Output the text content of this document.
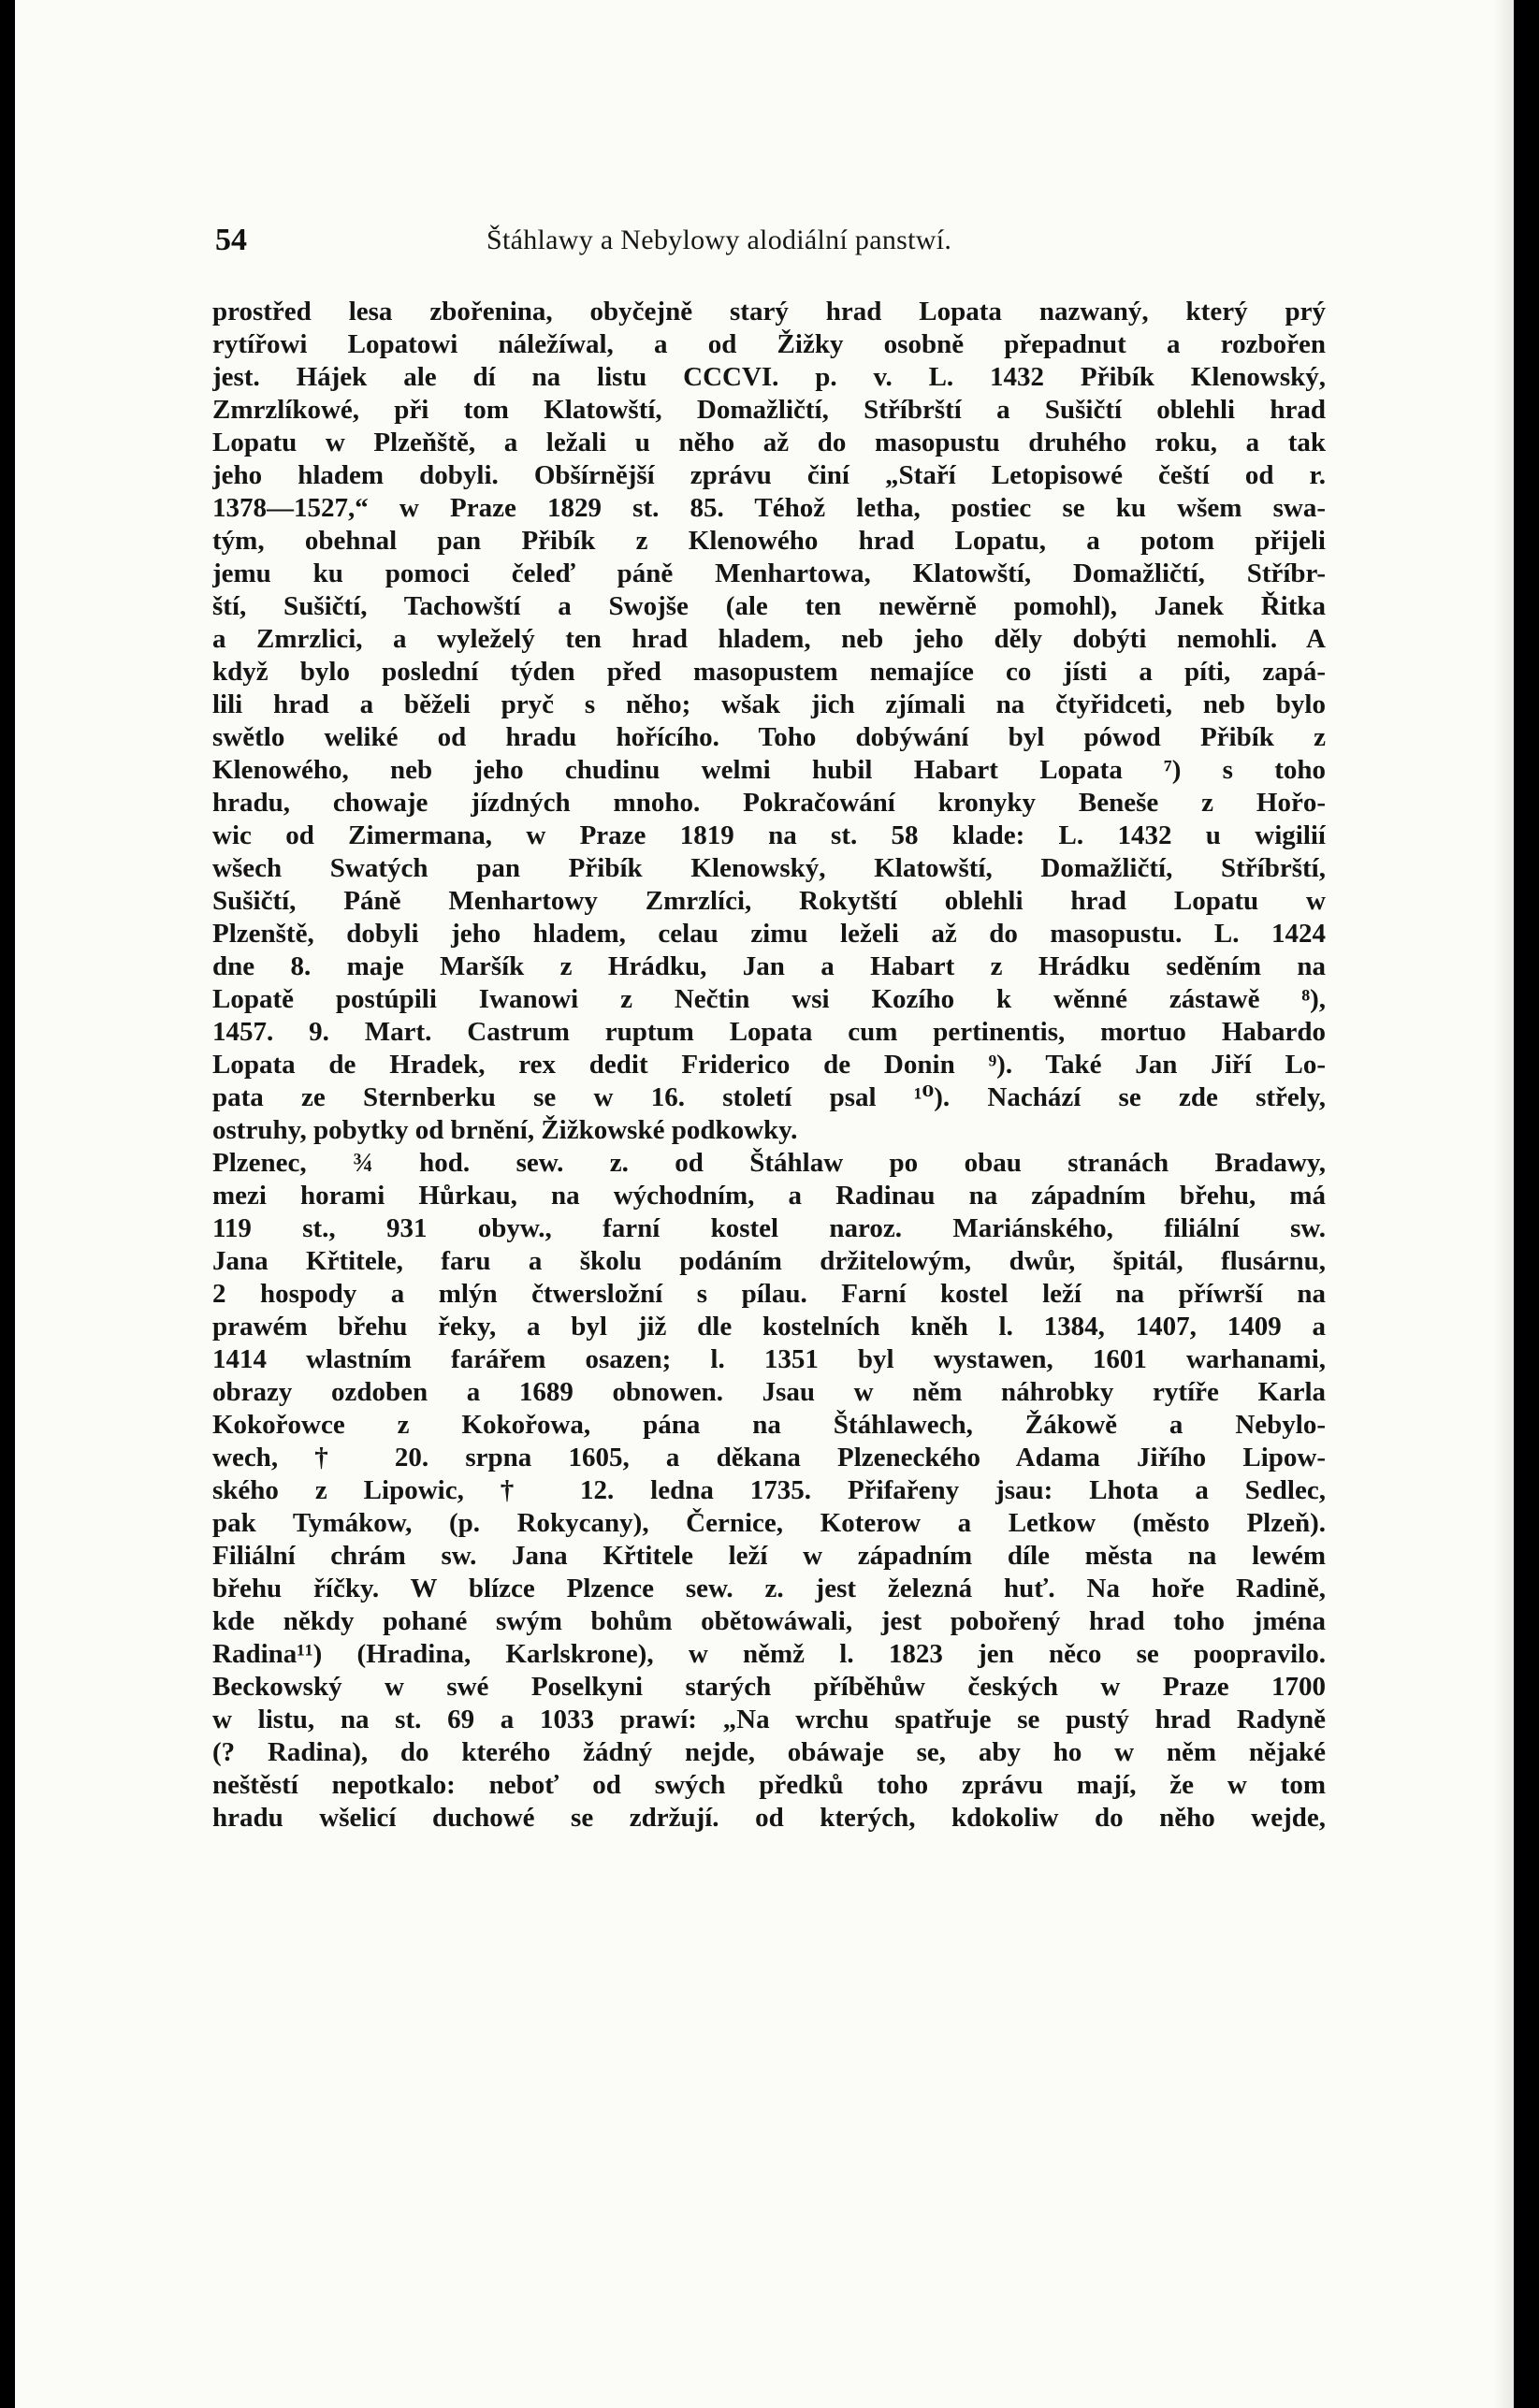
54	Štáhlawy a Nebylowy alodiální panstwí.
prostřed lesa zbořenina, obyčejně starý hrad Lopata nazwaný, který prý
rytířowi Lopatowi náležíwal, a od Žižky osobně přepadnut a rozbořen
jest. Hájek ale dí na listu CCCVI. p. v. L. 1432 Přibík Klenowský,
Zmrzlíkowé, při tom Klatowští, Domažličtí, Stříbrští a Sušičtí oblehli hrad
Lopatu w Plzeňště, a ležali u něho až do masopustu druhého roku, a tak
jeho hladem dobyli. Obšírnější zprávu činí „Staří Letopisowé čeští od r.
1378—1527,“ w Praze 1829 st. 85. Téhož letha, postiec se ku wšem swa-
tým, obehnal pan Přibík z Klenowého hrad Lopatu, a potom přijeli
jemu ku pomoci čeleď páně Menhartowa, Klatowští, Domažličtí, Stříbr-
ští, Sušičtí, Tachowští a Swojše (ale ten newěrně pomohl), Janek Řitka
a Zmrzlici, a wyleželý ten hrad hladem, neb jeho děly dobýti nemohli. A
když bylo poslední týden před masopustem nemajíce co jísti a píti, zapá-
lili hrad a běželi pryč s něho; wšak jich zjímali na čtyřidceti, neb bylo
swětlo weliké od hradu hořícího. Toho dobýwání byl pówod Přibík z
Klenowého, neb jeho chudinu welmi hubil Habart Lopata ⁷) s toho
hradu, chowaje jízdných mnoho. Pokračowání kronyky Beneše z Hořo-
wic od Zimermana, w Praze 1819 na st. 58 klade: L. 1432 u wigilií
wšech Swatých pan Přibík Klenowský, Klatowští, Domažličtí, Stříbrští,
Sušičtí, Páně Menhartowy Zmrzlíci, Rokytští oblehli hrad Lopatu w
Plzenště, dobyli jeho hladem, celau zimu leželi až do masopustu. L. 1424
dne 8. maje Maršík z Hrádku, Jan a Habart z Hrádku seděním na
Lopatě postúpili Iwanowi z Nečtin wsi Kozího k wěnné zástawě ⁸),
1457. 9. Mart. Castrum ruptum Lopata cum pertinentis, mortuo Habardo
Lopata de Hradek, rex dedit Friderico de Donin ⁹). Také Jan Jiří Lo-
pata ze Sternberku se w 16. století psal ¹⁰). Nachází se zde střely,
ostruhy, pobytky od brnění, Žižkowské podkowky.
Plzenec, ¾ hod. sew. z. od Štáhlaw po obau stranách Bradawy,
mezi horami Hůrkau, na wýchodním, a Radinau na západním břehu, má
119 st., 931 obyw., farní kostel naroz. Mariánského, filiální sw.
Jana Křtitele, faru a školu podáním držitelowým, dwůr, špitál, flusárnu,
2 hospody a mlýn čtwersložní s pílau. Farní kostel leží na příwrší na
prawém břehu řeky, a byl již dle kostelních kněh l. 1384, 1407, 1409 a
1414 wlastním farářem osazen; l. 1351 byl wystawen, 1601 warhanami,
obrazy ozdoben a 1689 obnowen. Jsau w něm náhrobky rytíře Karla
Kokořowce z Kokořowa, pána na Štáhlawech, Žákowě a Nebylo-
wech, † 20. srpna 1605, a děkana Plzeneckého Adama Jiřího Lipow-
ského z Lipowic, † 12. ledna 1735. Přifařeny jsau: Lhota a Sedlec,
pak Tymákow, (p. Rokycany), Černice, Koterow a Letkow (město Plzeň).
Filiální chrám sw. Jana Křtitele leží w západním díle města na lewém
břehu říčky. W blízce Plzence sew. z. jest železná huť. Na hoře Radině,
kde někdy pohané swým bohům obětowáwali, jest pobořený hrad toho jména
Radina¹¹) (Hradina, Karlskrone), w němž l. 1823 jen něco se poopravilo.
Beckowský w swé Poselkyni starých příběhůw českých w Praze 1700
w listu, na st. 69 a 1033 prawí: „Na wrchu spatřuje se pustý hrad Radyně
(? Radina), do kterého žádný nejde, obáwaje se, aby ho w něm nějaké
neštěstí nepotkalo: neboť od swých předků toho zprávu mají, že w tom
hradu wšelicí duchowé se zdržují. od kterých, kdokoliw do něho wejde,
